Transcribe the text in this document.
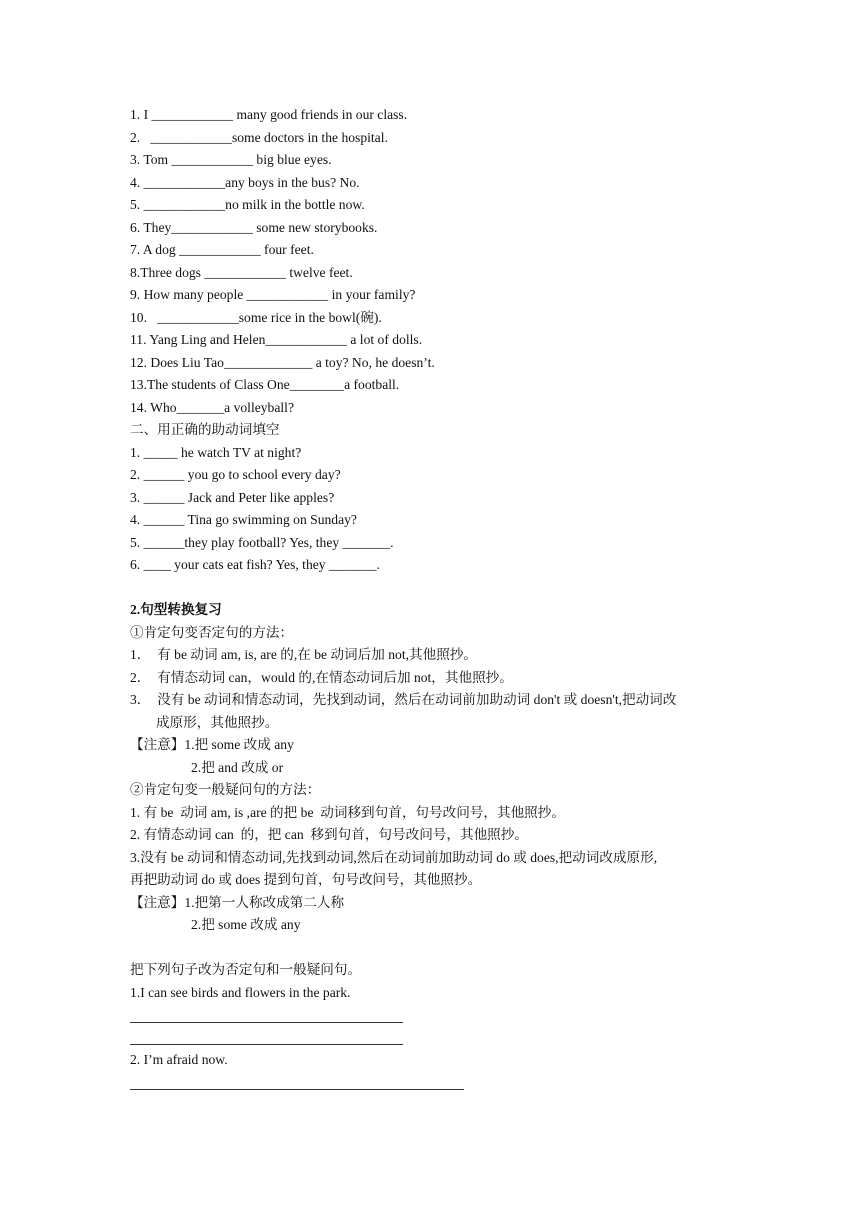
1. I ____________ many good friends in our class.

2.   ____________some doctors in the hospital.

3. Tom ____________ big blue eyes.

4. ____________any boys in the bus? No.

5. ____________no milk in the bottle now.

6. They____________ some new storybooks.

7. A dog ____________ four feet.

8.Three dogs ____________ twelve feet.

9. How many people ____________ in your family?

10.   ____________some rice in the bowl(碗).

11. Yang Ling and Helen____________ a lot of dolls.

12. Does Liu Tao_____________ a toy? No, he doesn’t.

13.The students of Class One________a football.

14. Who_______a volleyball?

二、用正确的助动词填空

1. _____ he watch TV at night?

2. ______ you go to school every day?

3. ______ Jack and Peter like apples?

4. ______ Tina go swimming on Sunday?

5. ______they play football? Yes, they _______.

6. ____ your cats eat fish? Yes, they _______.

2.句型转换复习

①肯定句变否定句的方法：

1．  有 be 动词 am, is, are 的,在 be 动词后加 not,其他照抄。

2．  有情态动词 can，would 的,在情态动词后加 not，其他照抄。

3．  没有 be 动词和情态动词，先找到动词，然后在动词前加助动词 don't 或 doesn't,把动词改

成原形，其他照抄。

【注意】1.把 some 改成 any

2.把 and 改成 or

②肯定句变一般疑问句的方法：

1. 有 be  动词 am, is ,are 的把 be  动词移到句首，句号改问号，其他照抄。

2. 有情态动词 can  的，把 can  移到句首，句号改问号，其他照抄。

3.没有 be 动词和情态动词,先找到动词,然后在动词前加助动词 do 或 does,把动词改成原形,

再把助动词 do 或 does 提到句首，句号改问号，其他照抄。

【注意】1.把第一人称改成第二人称

2.把 some 改成 any

把下列句子改为否定句和一般疑问句。

1.I can see birds and flowers in the park.

2. I’m afraid now.
